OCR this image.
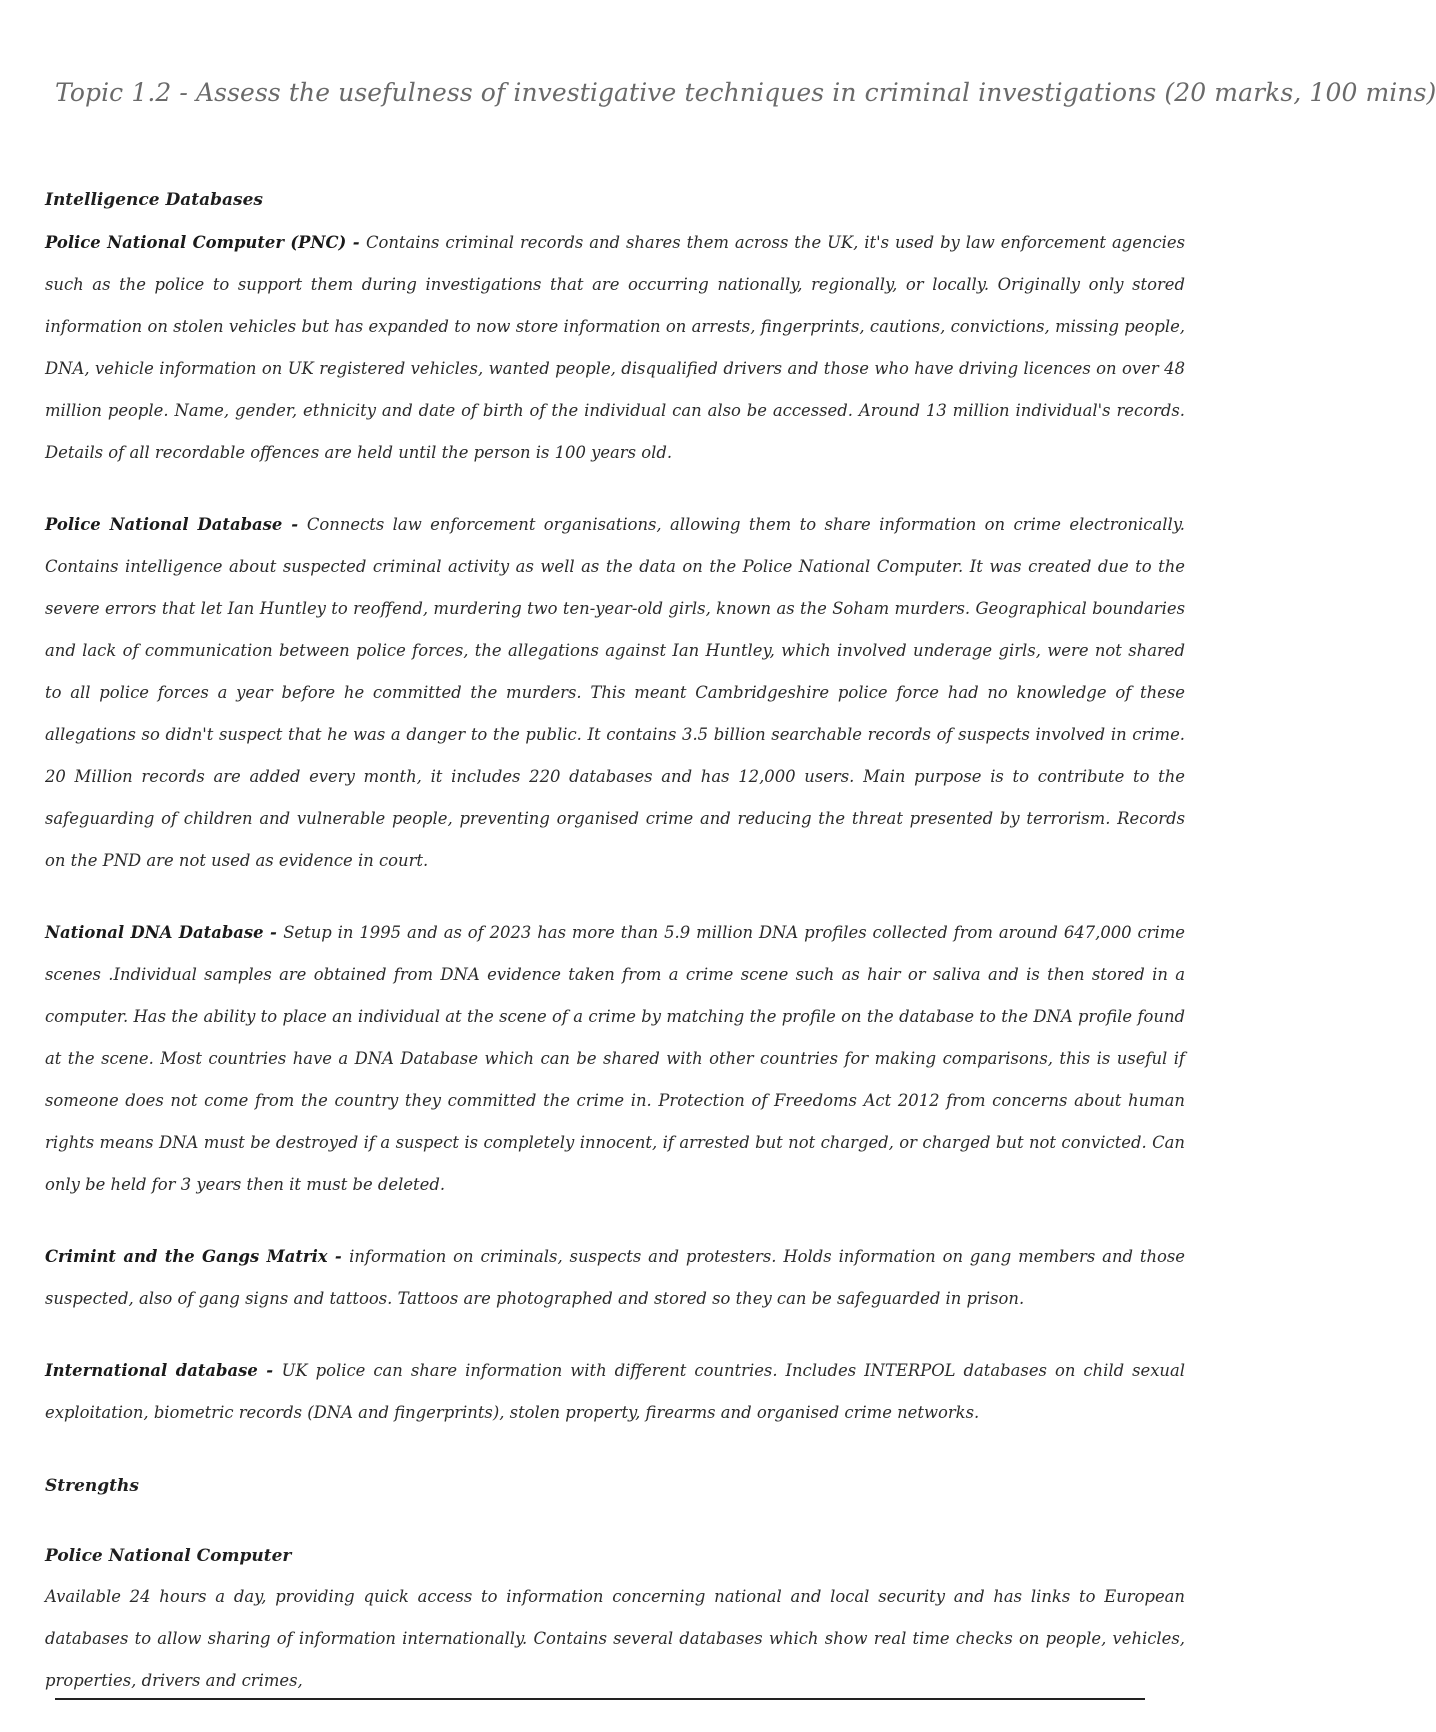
Topic 1.2 - Assess the usefulness of investigative techniques in criminal investigations (20 marks, 100 mins)
Intelligence Databases

Police National Computer (PNC) - Contains criminal records and shares them across the UK, it's used by law enforcement agencies such as the police to support them during investigations that are occurring nationally, regionally, or locally. Originally only stored information on stolen vehicles but has expanded to now store information on arrests, fingerprints, cautions, convictions, missing people, DNA, vehicle information on UK registered vehicles, wanted people, disqualified drivers and those who have driving licences on over 48 million people. Name, gender, ethnicity and date of birth of the individual can also be accessed. Around 13 million individual's records. Details of all recordable offences are held until the person is 100 years old.

Police National Database - Connects law enforcement organisations, allowing them to share information on crime electronically. Contains intelligence about suspected criminal activity as well as the data on the Police National Computer. It was created due to the severe errors that let Ian Huntley to reoffend, murdering two ten-year-old girls, known as the Soham murders. Geographical boundaries and lack of communication between police forces, the allegations against Ian Huntley, which involved underage girls, were not shared to all police forces a year before he committed the murders. This meant Cambridgeshire police force had no knowledge of these allegations so didn't suspect that he was a danger to the public. It contains 3.5 billion searchable records of suspects involved in crime. 20 Million records are added every month, it includes 220 databases and has 12,000 users. Main purpose is to contribute to the safeguarding of children and vulnerable people, preventing organised crime and reducing the threat presented by terrorism. Records on the PND are not used as evidence in court.

National DNA Database - Setup in 1995 and as of 2023 has more than 5.9 million DNA profiles collected from around 647,000 crime scenes .Individual samples are obtained from DNA evidence taken from a crime scene such as hair or saliva and is then stored in a computer. Has the ability to place an individual at the scene of a crime by matching the profile on the database to the DNA profile found at the scene. Most countries have a DNA Database which can be shared with other countries for making comparisons, this is useful if someone does not come from the country they committed the crime in. Protection of Freedoms Act 2012 from concerns about human rights means DNA must be destroyed if a suspect is completely innocent, if arrested but not charged, or charged but not convicted. Can only be held for 3 years then it must be deleted.

Crimint and the Gangs Matrix - information on criminals, suspects and protesters. Holds information on gang members and those suspected, also of gang signs and tattoos. Tattoos are photographed and stored so they can be safeguarded in prison.

International database - UK police can share information with different countries. Includes INTERPOL databases on child sexual exploitation, biometric records (DNA and fingerprints), stolen property, firearms and organised crime networks.

Strengths
Police National Computer

Available 24 hours a day, providing quick access to information concerning national and local security and has links to European databases to allow sharing of information internationally. Contains several databases which show real time checks on people, vehicles, properties, drivers and crimes,
